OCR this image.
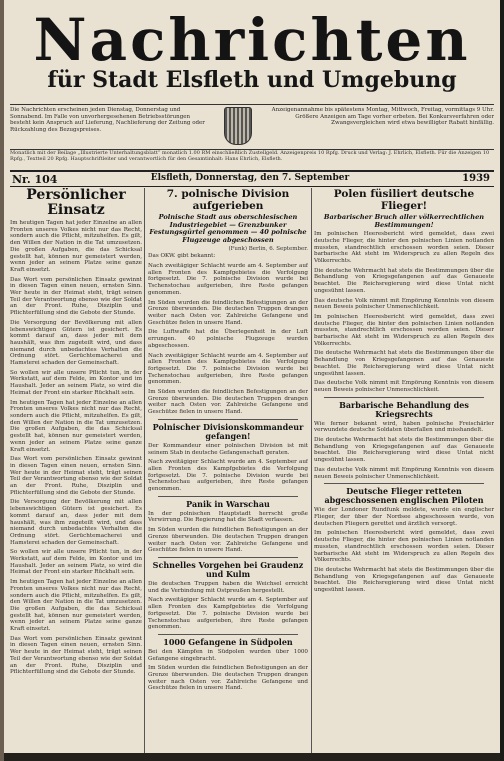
Nachrichten
für Stadt Elsfleth und Umgebung
Die Nachrichten erscheinen jeden Dienstag, Donnerstag und Sonnabend. Im Falle von unvorhergesehenen Betriebsstörungen besteht kein Anspruch auf Lieferung, Nachlieferung der Zeitung oder Rückzahlung des Bezugspreises.
Anzeigenannahme bis spätestens Montag, Mittwoch, Freitag, vormittags 9 Uhr. Größere Anzeigen am Tage vorher erbeten. Bei Konkursverfahren oder Zwangsvergleichen wird etwa bewilligter Rabatt hinfällig.
Monatlich mit der Beilage „Illustrierte Unterhaltungsblatt“ monatlich 1.00 RM einschließlich Zustellgeld. Anzeigenpreis 10 Rpfg. Druck und Verlag: J. Ehrlich, Elsfleth. Für die Anzeigen 10 Rpfg., Textteil 20 Rpfg. Hauptschriftleiter und verantwortlich für den Gesamtinhalt: Hans Ehrlich, Elsfleth.
Nr. 104	Elsfleth, Donnerstag, den 7. September	1939
Persönlicher Einsatz

Im heutigen Tagen hat jeder Einzelne an allen Fronten unseres Volkes nicht nur das Recht, sondern auch die Pflicht, mitzuhelfen. Es gilt, den Willen der Nation in die Tat umzusetzen. Die großen Aufgaben, die das Schicksal gestellt hat, können nur gemeistert werden, wenn jeder an seinem Platze seine ganze Kraft einsetzt.

Das Wort vom persönlichen Einsatz gewinnt in diesen Tagen einen neuen, ernsten Sinn. Wer heute in der Heimat steht, trägt seinen Teil der Verantwortung ebenso wie der Soldat an der Front. Ruhe, Disziplin und Pflichterfüllung sind die Gebote der Stunde.

Die Versorgung der Bevölkerung mit allen lebenswichtigen Gütern ist gesichert. Es kommt darauf an, dass jeder mit dem haushält, was ihm zugeteilt wird, und dass niemand durch unbedachtes Verhalten die Ordnung stört. Gerüchtemacherei und Hamsterei schaden der Gemeinschaft.

So wollen wir alle unsere Pflicht tun, in der Werkstatt, auf dem Felde, im Kontor und im Haushalt. Jeder an seinem Platz, so wird die Heimat der Front ein starker Rückhalt sein.

Im heutigen Tagen hat jeder Einzelne an allen Fronten unseres Volkes nicht nur das Recht, sondern auch die Pflicht, mitzuhelfen. Es gilt, den Willen der Nation in die Tat umzusetzen. Die großen Aufgaben, die das Schicksal gestellt hat, können nur gemeistert werden, wenn jeder an seinem Platze seine ganze Kraft einsetzt.

Das Wort vom persönlichen Einsatz gewinnt in diesen Tagen einen neuen, ernsten Sinn. Wer heute in der Heimat steht, trägt seinen Teil der Verantwortung ebenso wie der Soldat an der Front. Ruhe, Disziplin und Pflichterfüllung sind die Gebote der Stunde.

Die Versorgung der Bevölkerung mit allen lebenswichtigen Gütern ist gesichert. Es kommt darauf an, dass jeder mit dem haushält, was ihm zugeteilt wird, und dass niemand durch unbedachtes Verhalten die Ordnung stört. Gerüchtemacherei und Hamsterei schaden der Gemeinschaft.

So wollen wir alle unsere Pflicht tun, in der Werkstatt, auf dem Felde, im Kontor und im Haushalt. Jeder an seinem Platz, so wird die Heimat der Front ein starker Rückhalt sein.

Im heutigen Tagen hat jeder Einzelne an allen Fronten unseres Volkes nicht nur das Recht, sondern auch die Pflicht, mitzuhelfen. Es gilt, den Willen der Nation in die Tat umzusetzen. Die großen Aufgaben, die das Schicksal gestellt hat, können nur gemeistert werden, wenn jeder an seinem Platze seine ganze Kraft einsetzt.

Das Wort vom persönlichen Einsatz gewinnt in diesen Tagen einen neuen, ernsten Sinn. Wer heute in der Heimat steht, trägt seinen Teil der Verantwortung ebenso wie der Soldat an der Front. Ruhe, Disziplin und Pflichterfüllung sind die Gebote der Stunde.

7. polnische Division aufgerieben
Polnische Stadt aus oberschlesischen Industriegebiet — Grenzbunker Festungsgürtel genommen — 40 polnische Flugzeuge abgeschossen
(Funk) Berlin, 6. September.

Das OKW. gibt bekannt:

Nach zweitägiger Schlacht wurde am 4. September auf allen Fronten des Kampfgebietes die Verfolgung fortgesetzt. Die 7. polnische Division wurde bei Tschenstochau aufgerieben, ihre Reste gefangen genommen.

Im Süden wurden die feindlichen Befestigungen an der Grenze überwunden. Die deutschen Truppen drangen weiter nach Osten vor. Zahlreiche Gefangene und Geschütze fielen in unsere Hand.

Die Luftwaffe hat die Überlegenheit in der Luft errungen. 40 polnische Flugzeuge wurden abgeschossen.

Nach zweitägiger Schlacht wurde am 4. September auf allen Fronten des Kampfgebietes die Verfolgung fortgesetzt. Die 7. polnische Division wurde bei Tschenstochau aufgerieben, ihre Reste gefangen genommen.

Im Süden wurden die feindlichen Befestigungen an der Grenze überwunden. Die deutschen Truppen drangen weiter nach Osten vor. Zahlreiche Gefangene und Geschütze fielen in unsere Hand.

Polnischer Divisionskommandeur gefangen!

Der Kommandeur einer polnischen Division ist mit seinem Stab in deutsche Gefangenschaft geraten.

Nach zweitägiger Schlacht wurde am 4. September auf allen Fronten des Kampfgebietes die Verfolgung fortgesetzt. Die 7. polnische Division wurde bei Tschenstochau aufgerieben, ihre Reste gefangen genommen.

Panik in Warschau

In der polnischen Hauptstadt herrscht große Verwirrung. Die Regierung hat die Stadt verlassen.

Im Süden wurden die feindlichen Befestigungen an der Grenze überwunden. Die deutschen Truppen drangen weiter nach Osten vor. Zahlreiche Gefangene und Geschütze fielen in unsere Hand.

Schnelles Vorgehen bei Graudenz und Kulm

Die deutschen Truppen haben die Weichsel erreicht und die Verbindung mit Ostpreußen hergestellt.

Nach zweitägiger Schlacht wurde am 4. September auf allen Fronten des Kampfgebietes die Verfolgung fortgesetzt. Die 7. polnische Division wurde bei Tschenstochau aufgerieben, ihre Reste gefangen genommen.

1000 Gefangene in Südpolen

Bei den Kämpfen in Südpolen wurden über 1000 Gefangene eingebracht.

Im Süden wurden die feindlichen Befestigungen an der Grenze überwunden. Die deutschen Truppen drangen weiter nach Osten vor. Zahlreiche Gefangene und Geschütze fielen in unsere Hand.

Polen füsiliert deutsche Flieger!
Barbarischer Bruch aller völkerrechtlichen Bestimmungen!

Im polnischen Heeresbericht wird gemeldet, dass zwei deutsche Flieger, die hinter den polnischen Linien notlanden mussten, standrechtlich erschossen worden seien. Dieser barbarische Akt steht im Widerspruch zu allen Regeln des Völkerrechts.

Die deutsche Wehrmacht hat stets die Bestimmungen über die Behandlung von Kriegsgefangenen auf das Genaueste beachtet. Die Reichsregierung wird diese Untat nicht ungesühnt lassen.

Das deutsche Volk nimmt mit Empörung Kenntnis von diesem neuen Beweis polnischer Unmenschlichkeit.

Im polnischen Heeresbericht wird gemeldet, dass zwei deutsche Flieger, die hinter den polnischen Linien notlanden mussten, standrechtlich erschossen worden seien. Dieser barbarische Akt steht im Widerspruch zu allen Regeln des Völkerrechts.

Die deutsche Wehrmacht hat stets die Bestimmungen über die Behandlung von Kriegsgefangenen auf das Genaueste beachtet. Die Reichsregierung wird diese Untat nicht ungesühnt lassen.

Das deutsche Volk nimmt mit Empörung Kenntnis von diesem neuen Beweis polnischer Unmenschlichkeit.

Barbarische Behandlung des Kriegsrechts

Wie ferner bekannt wird, haben polnische Freischärler verwundete deutsche Soldaten überfallen und misshandelt.

Die deutsche Wehrmacht hat stets die Bestimmungen über die Behandlung von Kriegsgefangenen auf das Genaueste beachtet. Die Reichsregierung wird diese Untat nicht ungesühnt lassen.

Das deutsche Volk nimmt mit Empörung Kenntnis von diesem neuen Beweis polnischer Unmenschlichkeit.

Deutsche Flieger retteten abgeschossenen englischen Piloten

Wie der Londoner Rundfunk meldete, wurde ein englischer Flieger, der über der Nordsee abgeschossen wurde, von deutschen Fliegern gerettet und ärztlich versorgt.

Im polnischen Heeresbericht wird gemeldet, dass zwei deutsche Flieger, die hinter den polnischen Linien notlanden mussten, standrechtlich erschossen worden seien. Dieser barbarische Akt steht im Widerspruch zu allen Regeln des Völkerrechts.

Die deutsche Wehrmacht hat stets die Bestimmungen über die Behandlung von Kriegsgefangenen auf das Genaueste beachtet. Die Reichsregierung wird diese Untat nicht ungesühnt lassen.
